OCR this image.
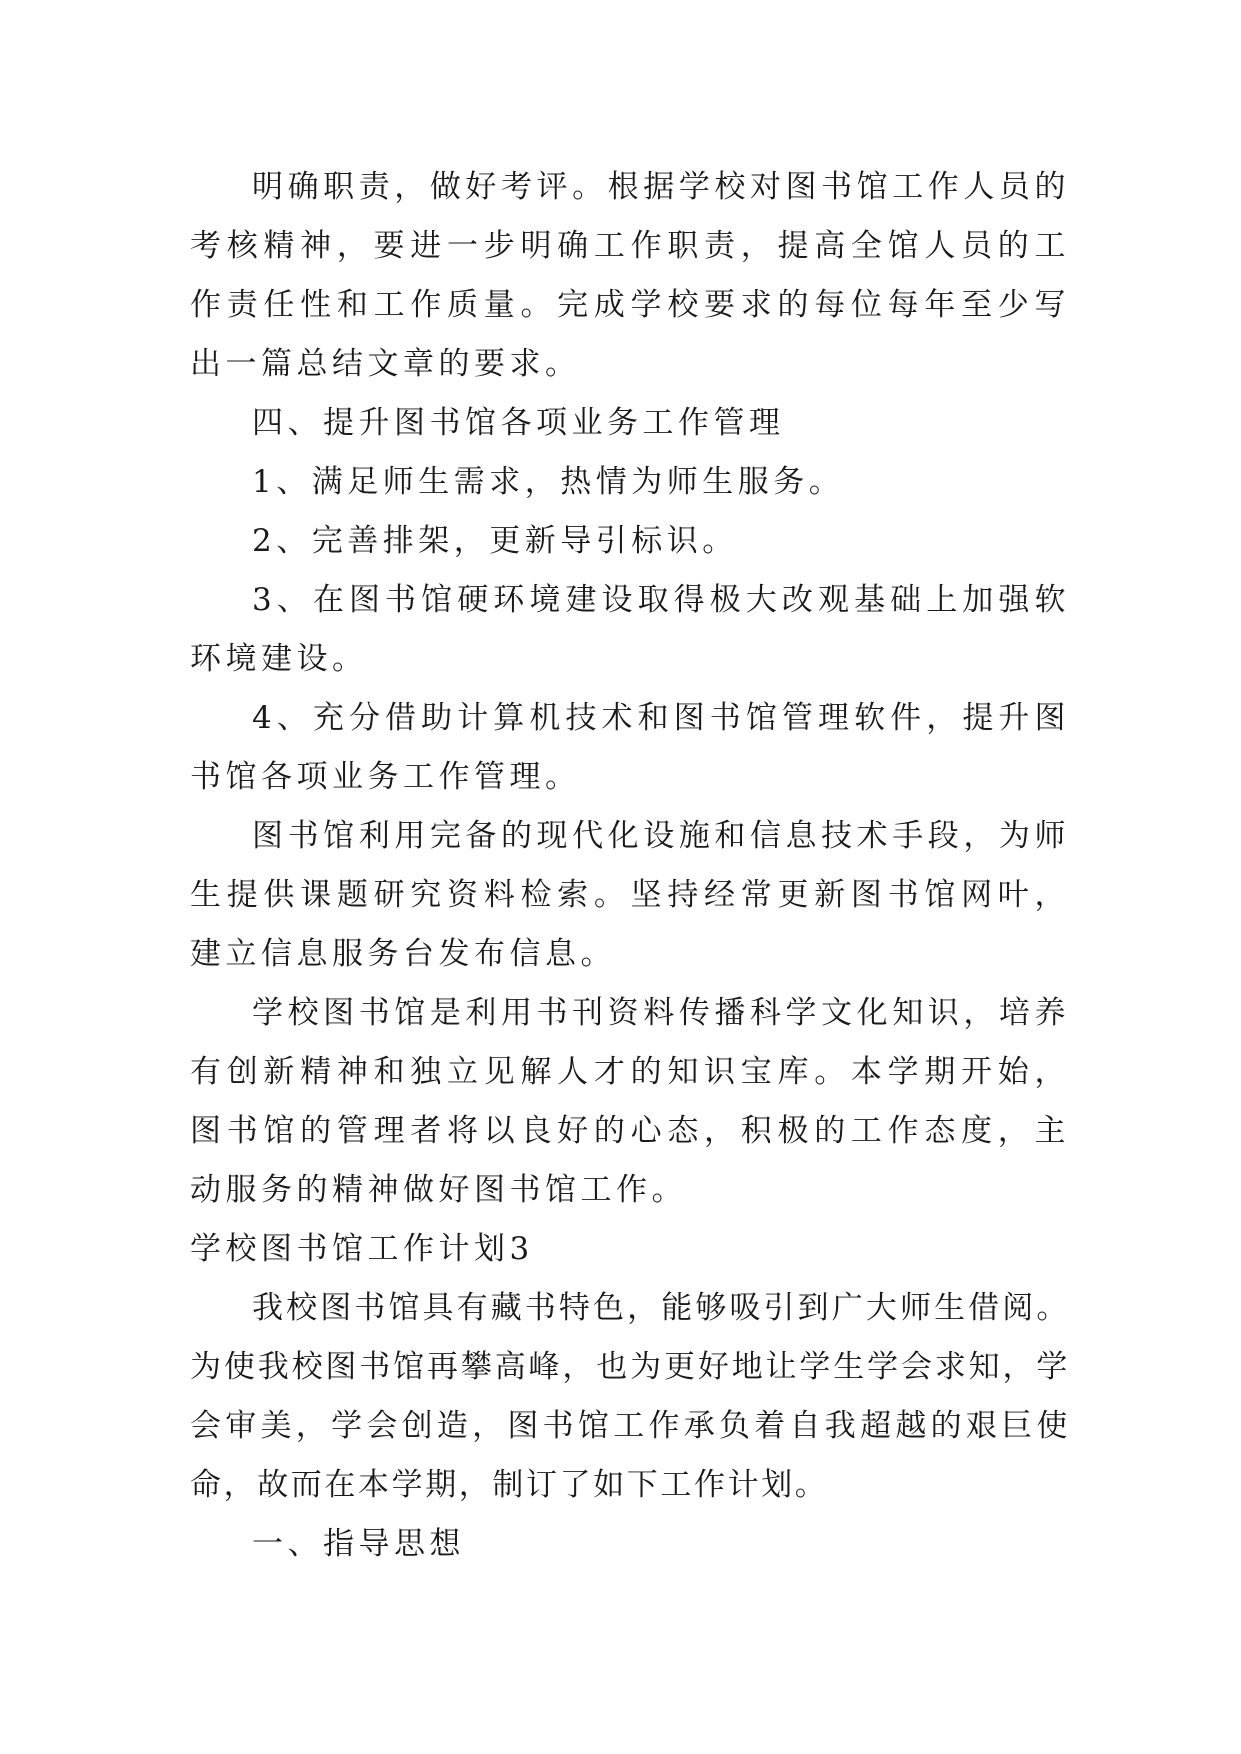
明确职责，做好考评。根据学校对图书馆工作人员的考核精神，要进一步明确工作职责，提高全馆人员的工作责任性和工作质量。完成学校要求的每位每年至少写出一篇总结文章的要求。

四、提升图书馆各项业务工作管理

1、满足师生需求，热情为师生服务。

2、完善排架，更新导引标识。

3、在图书馆硬环境建设取得极大改观基础上加强软环境建设。

4、充分借助计算机技术和图书馆管理软件，提升图书馆各项业务工作管理。

图书馆利用完备的现代化设施和信息技术手段，为师生提供课题研究资料检索。坚持经常更新图书馆网叶，建立信息服务台发布信息。

学校图书馆是利用书刊资料传播科学文化知识，培养有创新精神和独立见解人才的知识宝库。本学期开始，图书馆的管理者将以良好的心态，积极的工作态度，主动服务的精神做好图书馆工作。

学校图书馆工作计划3

我校图书馆具有藏书特色，能够吸引到广大师生借阅。为使我校图书馆再攀高峰，也为更好地让学生学会求知，学会审美，学会创造，图书馆工作承负着自我超越的艰巨使命，故而在本学期，制订了如下工作计划。

一、指导思想
